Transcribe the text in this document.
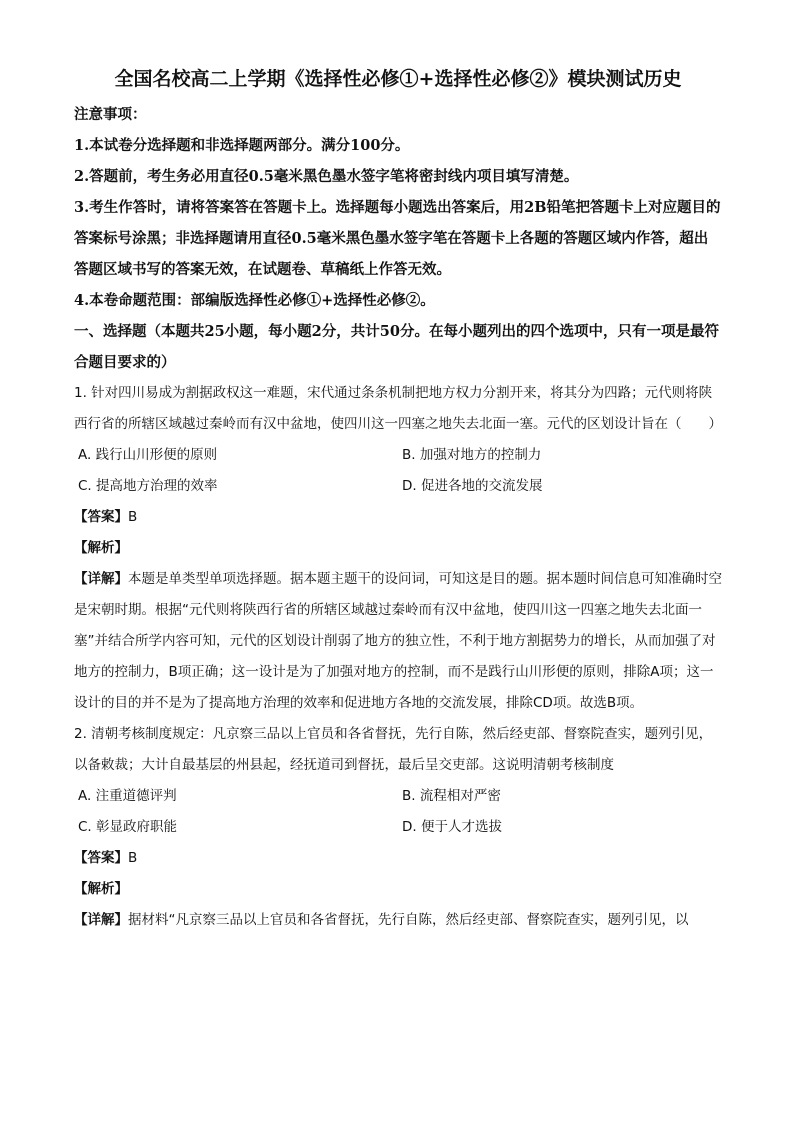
全国名校高二上学期《选择性必修①+选择性必修②》模块测试历史

注意事项：

1.本试卷分选择题和非选择题两部分。满分100分。

2.答题前，考生务必用直径0.5毫米黑色墨水签字笔将密封线内项目填写清楚。

3.考生作答时，请将答案答在答题卡上。选择题每小题选出答案后，用2B铅笔把答题卡上对应题目的答案标号涂黑；非选择题请用直径0.5毫米黑色墨水签字笔在答题卡上各题的答题区域内作答，超出答题区域书写的答案无效，在试题卷、草稿纸上作答无效。

4.本卷命题范围：部编版选择性必修①+选择性必修②。

一、选择题（本题共25小题，每小题2分，共计50分。在每小题列出的四个选项中，只有一项是最符合题目要求的）

1. 针对四川易成为割据政权这一难题，宋代通过条条机制把地方权力分割开来，将其分为四路；元代则将陕西行省的所辖区域越过秦岭而有汉中盆地，使四川这一四塞之地失去北面一塞。元代的区划设计旨在（　　）

A. 践行山川形便的原则	B. 加强对地方的控制力
C. 提高地方治理的效率	D. 促进各地的交流发展

【答案】B

【解析】

【详解】本题是单类型单项选择题。据本题主题干的设问词，可知这是目的题。据本题时间信息可知准确时空是宋朝时期。根据“元代则将陕西行省的所辖区域越过秦岭而有汉中盆地，使四川这一四塞之地失去北面一塞”并结合所学内容可知，元代的区划设计削弱了地方的独立性，不利于地方割据势力的增长，从而加强了对地方的控制力，B项正确；这一设计是为了加强对地方的控制，而不是践行山川形便的原则，排除A项；这一设计的目的并不是为了提高地方治理的效率和促进地方各地的交流发展，排除CD项。故选B项。

2. 清朝考核制度规定：凡京察三品以上官员和各省督抚，先行自陈，然后经吏部、督察院查实，题列引见，以备敕裁；大计自最基层的州县起，经抚道司到督抚，最后呈交吏部。这说明清朝考核制度

A. 注重道德评判	B. 流程相对严密
C. 彰显政府职能	D. 便于人才选拔

【答案】B

【解析】

【详解】据材料“凡京察三品以上官员和各省督抚，先行自陈，然后经吏部、督察院查实，题列引见，以
